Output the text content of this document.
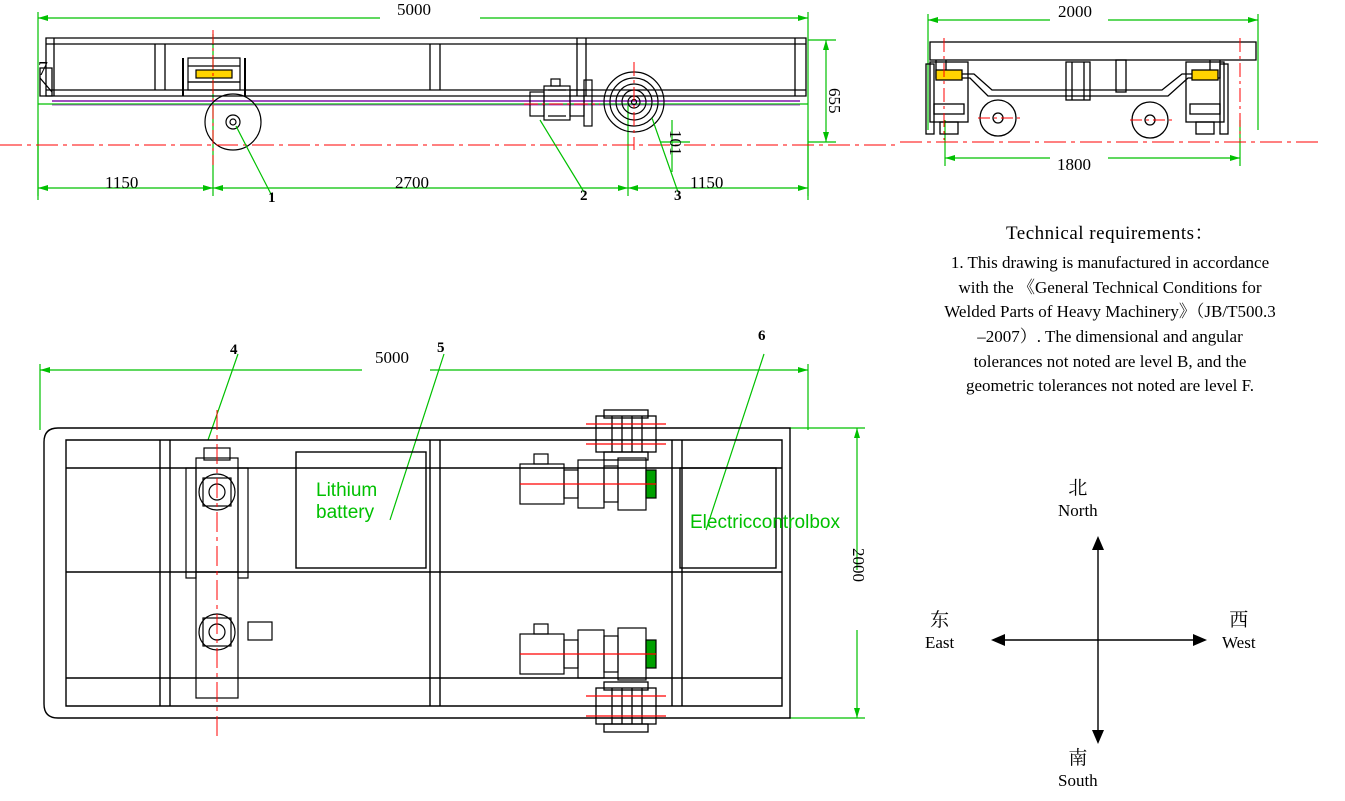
5000
1150	2700	1150
655
101
1	2	3
7
2000
1800
5000
2000
4	5
6
Lithium
battery	Electric control box
Technical requirements：
1. This drawing is manufactured in accordance
with the 《General Technical Conditions for
Welded Parts of Heavy Machinery》（JB/T500.3
–2007）. The dimensional and angular
tolerances not noted are level B, and the
geometric tolerances not noted are level F.
北
North
南
South
东
East
西
West
